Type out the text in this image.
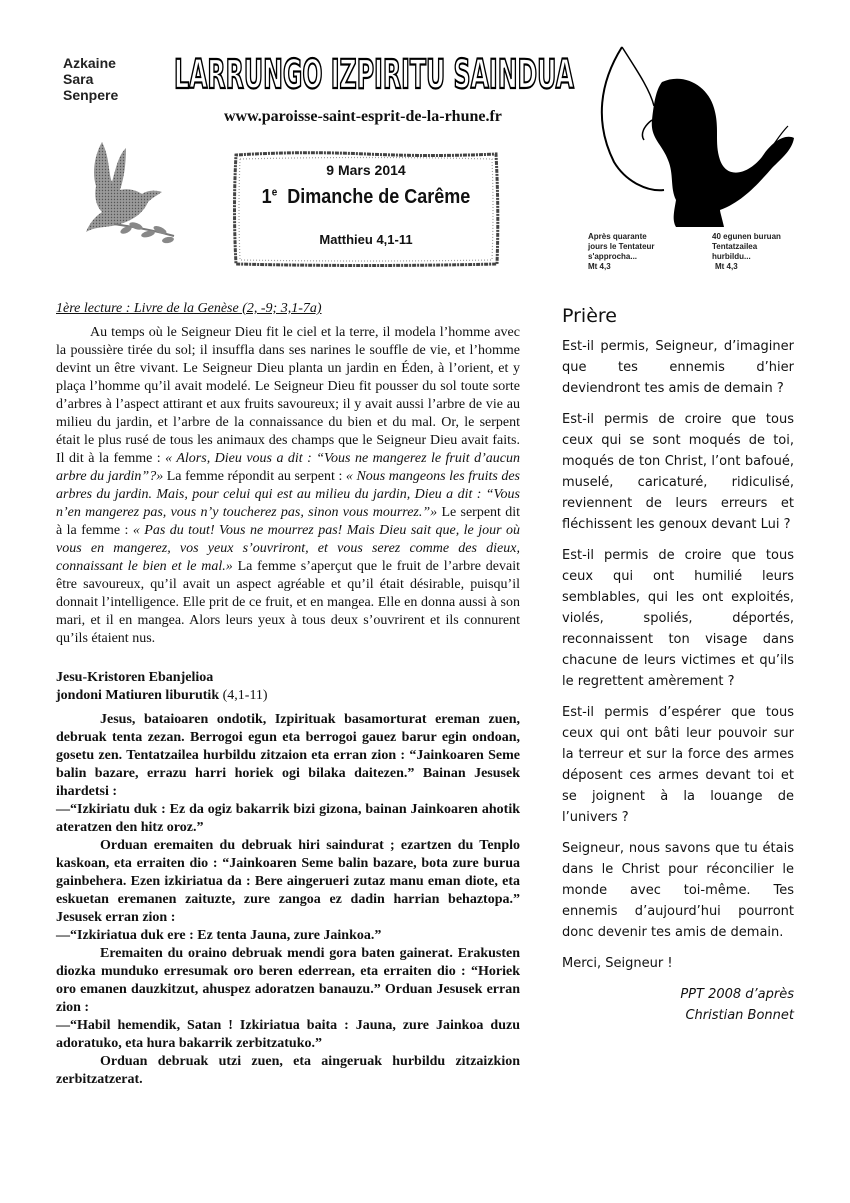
Azkaine
Sara
Senpere LARRUNGO IZPIRITU SAINDUA
www.paroisse-saint-esprit-de-la-rhune.fr
9 Mars 2014
1e Dimanche de Carême
Matthieu 4,1-11	Après quarante
jours le Tentateur
s'approcha...
Mt 4,3
40 egunen buruan
Tentatzailea
hurbildu...
Mt 4,3

1ère lecture : Livre de la Genèse (2, -9; 3,1-7a)

Au temps où le Seigneur Dieu fit le ciel et la terre, il modela l’homme avec la poussière tirée du sol; il insuffla dans ses narines le souffle de vie, et l’homme devint un être vivant. Le Seigneur Dieu planta un jardin en Éden, à l’orient, et y plaça l’homme qu’il avait modelé. Le Seigneur Dieu fit pousser du sol toute sorte d’arbres à l’aspect attirant et aux fruits savoureux; il y avait aussi l’arbre de vie au milieu du jardin, et l’arbre de la connaissance du bien et du mal. Or, le serpent était le plus rusé de tous les animaux des champs que le Seigneur Dieu avait faits. Il dit à la femme : « Alors, Dieu vous a dit : “Vous ne mangerez le fruit d’aucun arbre du jardin”?» La femme répondit au serpent : « Nous mangeons les fruits des arbres du jardin. Mais, pour celui qui est au milieu du jardin, Dieu a dit : “Vous n’en mangerez pas, vous n’y toucherez pas, sinon vous mourrez.”» Le serpent dit à la femme : « Pas du tout! Vous ne mourrez pas! Mais Dieu sait que, le jour où vous en mangerez, vos yeux s’ouvriront, et vous serez comme des dieux, connaissant le bien et le mal.» La femme s’aperçut que le fruit de l’arbre devait être savoureux, qu’il avait un aspect agréable et qu’il était désirable, puisqu’il donnait l’intelligence. Elle prit de ce fruit, et en mangea. Elle en donna aussi à son mari, et il en mangea. Alors leurs yeux à tous deux s’ouvrirent et ils connurent qu’ils étaient nus.

Jesu-Kristoren Ebanjelioa
jondoni Matiuren liburutik (4,1-11)

Jesus, bataioaren ondotik, Izpirituak basamorturat ereman zuen, debruak tenta zezan. Berrogoi egun eta berrogoi gauez barur egin ondoan, gosetu zen. Tentatzailea hurbildu zitzaion eta erran zion : “Jainkoaren Seme balin bazare, errazu harri horiek ogi bilaka daitezen.” Bainan Jesusek ihardetsi :

—“Izkiriatu duk : Ez da ogiz bakarrik bizi gizona, bainan Jainkoaren ahotik ateratzen den hitz oroz.”

Orduan eremaiten du debruak hiri saindurat ; ezartzen du Tenplo kaskoan, eta erraiten dio : “Jainkoaren Seme balin bazare, bota zure burua gainbehera. Ezen izkiriatua da : Bere aingerueri zutaz manu eman diote, eta eskuetan eremanen zaituzte, zure zangoa ez dadin harrian behaztopa.” Jesusek erran zion :

—“Izkiriatua duk ere : Ez tenta Jauna, zure Jainkoa.”

Eremaiten du oraino debruak mendi gora baten gainerat. Erakusten diozka munduko erresumak oro beren ederrean, eta erraiten dio : “Horiek oro emanen dauzkitzut, ahuspez adoratzen banauzu.” Orduan Jesusek erran zion :

—“Habil hemendik, Satan ! Izkiriatua baita : Jauna, zure Jainkoa duzu adoratuko, eta hura bakarrik zerbitzatuko.”

Orduan debruak utzi zuen, eta aingeruak hurbildu zitzaizkion zerbitzatzerat.

Prière

Est-il permis, Seigneur, d’imaginer que tes ennemis d’hier deviendront tes amis de demain ?

Est-il permis de croire que tous ceux qui se sont moqués de toi, moqués de ton Christ, l’ont bafoué, muselé, caricaturé, ridiculisé, reviennent de leurs erreurs et fléchissent les genoux devant Lui ?

Est-il permis de croire que tous ceux qui ont humilié leurs semblables, qui les ont exploités, violés, spoliés, déportés, reconnaissent ton visage dans chacune de leurs victimes et qu’ils le regrettent amèrement ?

Est-il permis d’espérer que tous ceux qui ont bâti leur pouvoir sur la terreur et sur la force des armes déposent ces armes devant toi et se joignent à la louange de l’univers ?

Seigneur, nous savons que tu étais dans le Christ pour réconcilier le monde avec toi-même. Tes ennemis d’aujourd’hui pourront donc devenir tes amis de demain.

Merci, Seigneur !

PPT 2008 d’après
Christian Bonnet
